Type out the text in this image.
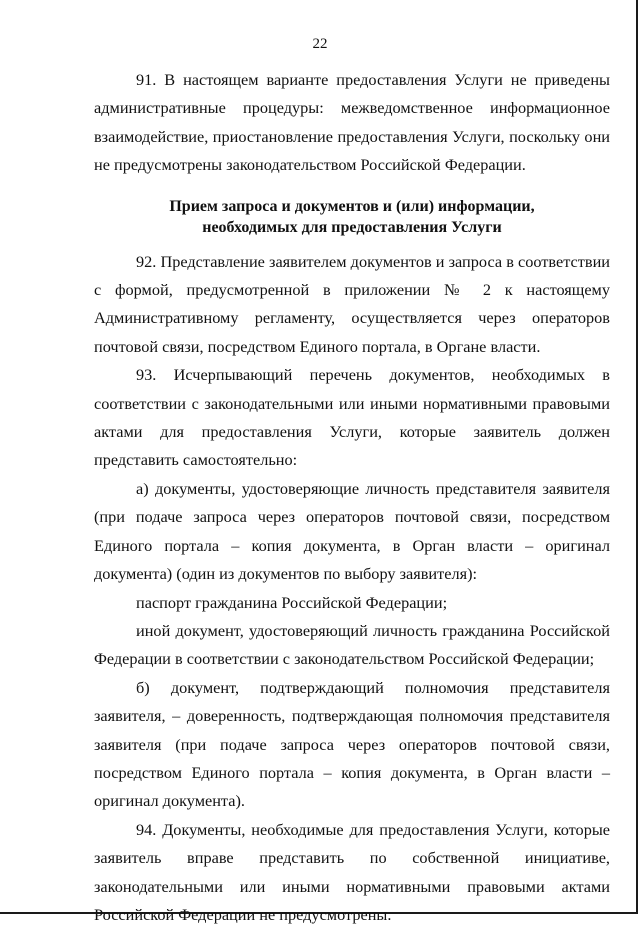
22

91. В настоящем варианте предоставления Услуги не приведены административные процедуры: межведомственное информационное взаимодействие, приостановление предоставления Услуги, поскольку они не предусмотрены законодательством Российской Федерации.

Прием запроса и документов и (или) информации,
необходимых для предоставления Услуги

92. Представление заявителем документов и запроса в соответствии с формой, предусмотренной в приложении № 2 к настоящему Административному регламенту, осуществляется через операторов почтовой связи, посредством Единого портала, в Органе власти.

93. Исчерпывающий перечень документов, необходимых в соответствии с законодательными или иными нормативными правовыми актами для предоставления Услуги, которые заявитель должен представить самостоятельно:

а) документы, удостоверяющие личность представителя заявителя (при подаче запроса через операторов почтовой связи, посредством Единого портала – копия документа, в Орган власти – оригинал документа) (один из документов по выбору заявителя):

паспорт гражданина Российской Федерации;

иной документ, удостоверяющий личность гражданина Российской Федерации в соответствии с законодательством Российской Федерации;

б) документ, подтверждающий полномочия представителя заявителя, – доверенность, подтверждающая полномочия представителя заявителя (при подаче запроса через операторов почтовой связи, посредством Единого портала – копия документа, в Орган власти – оригинал документа).

94. Документы, необходимые для предоставления Услуги, которые заявитель вправе представить по собственной инициативе, законодательными или иными нормативными правовыми актами Российской Федерации не предусмотрены.
